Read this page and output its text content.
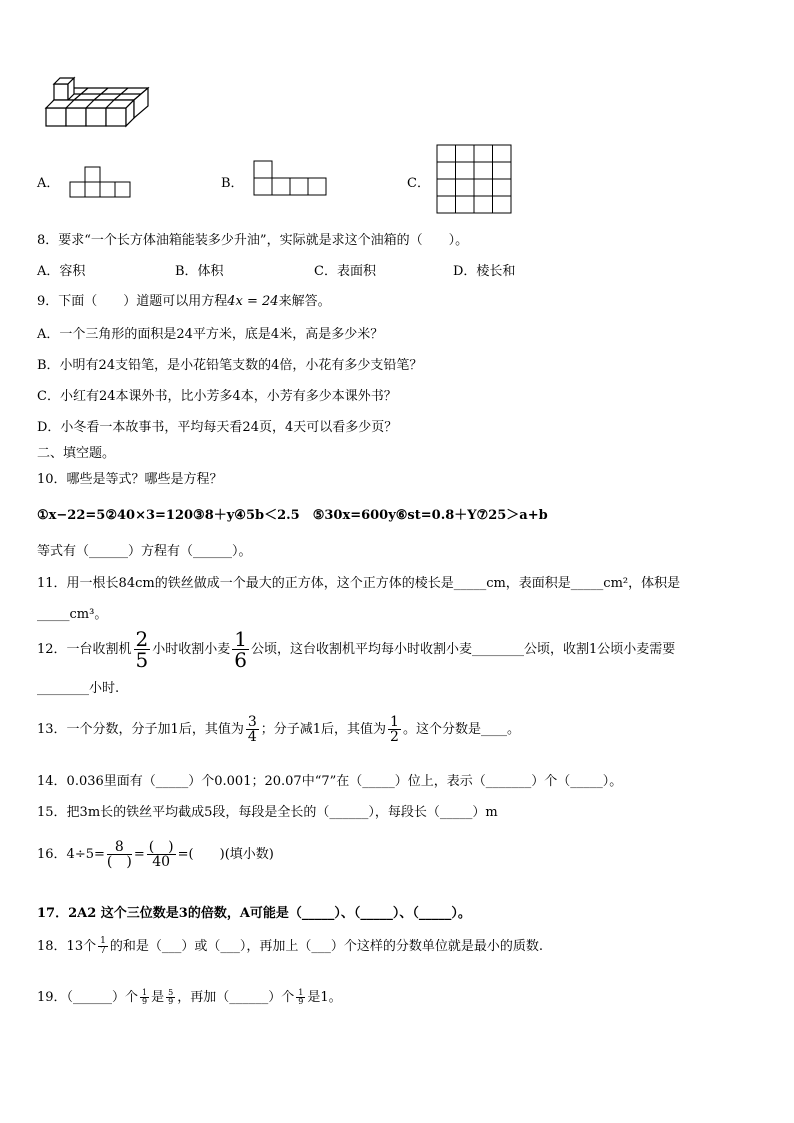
A．	B．	C．
8．要求“一个长方体油箱能装多少升油”，实际就是求这个油箱的（　　）。
A．容积	B．体积	C．表面积	D．棱长和
9．下面（　　）道题可以用方程4x = 24来解答。
A．一个三角形的面积是24平方米，底是4米，高是多少米？
B．小明有24支铅笔，是小花铅笔支数的4倍，小花有多少支铅笔？
C．小红有24本课外书，比小芳多4本，小芳有多少本课外书？
D．小冬看一本故事书，平均每天看24页，4天可以看多少页？
二、填空题。
10．哪些是等式？哪些是方程？
①x−22=5②40×3=120③8＋y④5b＜2.5　⑤30x=600y⑥st=0.8＋Y⑦25＞a+b
等式有（______）方程有（______）。
11．用一根长84cm的铁丝做成一个最大的正方体，这个正方体的棱长是_____cm，表面积是_____cm²，体积是
_____cm³。
12．一台收割机 $\frac{2}{5}$ 小时收割小麦 $\frac{1}{6}$ 公顷，这台收割机平均每小时收割小麦________公顷，收割1公顷小麦需要
________小时.
13．一个分数，分子加1后，其值为 $\frac{3}{4}$ ；分子减1后，其值为 $\frac{1}{2}$ 。这个分数是____。
14．0.036里面有（_____）个0.001；20.07中“7”在（_____）位上，表示（_______）个（_____）。
15．把3m长的铁丝平均截成5段，每段是全长的（______），每段长（_____）m
16．$4\div 5= \frac{8}{( )} = \frac{( )}{40}$ =(　　)(填小数)
17．2A2 这个三位数是3的倍数，A可能是（_____）、（_____）、（_____）。
18．13个 $\frac{1}{7}$ 的和是（___）或（___），再加上（___）个这样的分数单位就是最小的质数.
19．（______）个 $\frac{1}{9}$ 是 $\frac{5}{9}$ ，再加（______）个 $\frac{1}{9}$ 是1。
